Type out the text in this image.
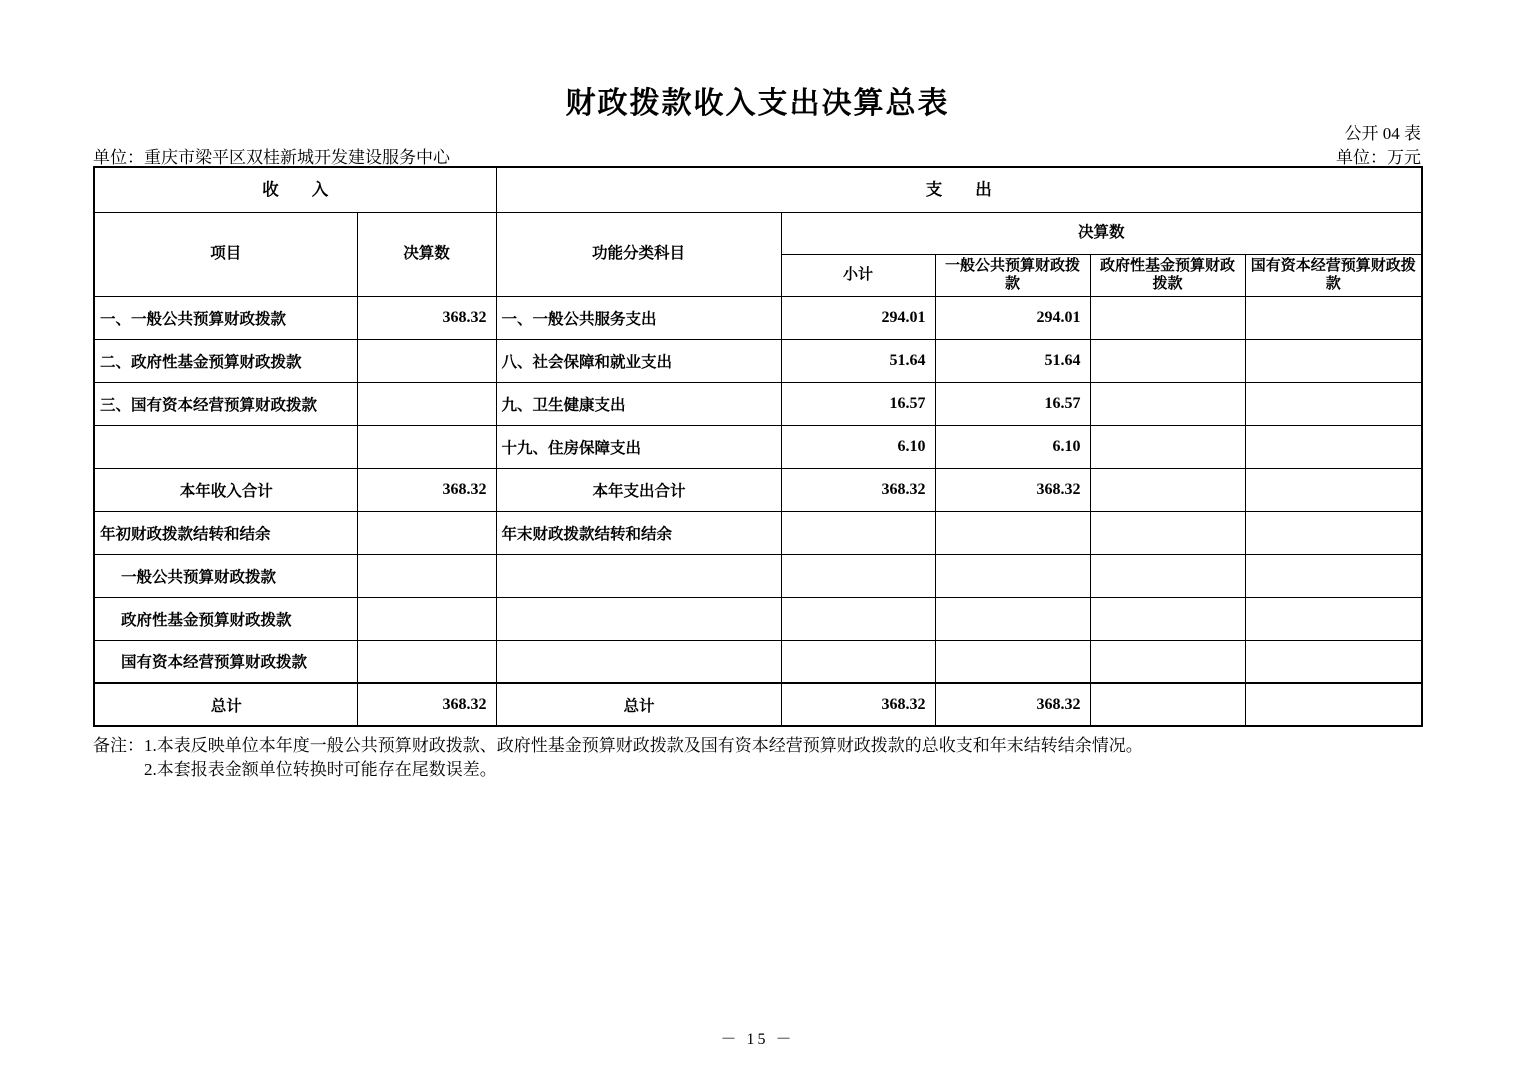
财政拨款收入支出决算总表
公开 04 表
单位：重庆市梁平区双桂新城开发建设服务中心	单位：万元
收　　入		支　　出				
项目	决算数	功能分类科目	决算数			
			小计	一般公共预算财政拨款	政府性基金预算财政拨款	国有资本经营预算财政拨款
一、一般公共预算财政拨款	368.32	一、一般公共服务支出	294.01	294.01		
二、政府性基金预算财政拨款		八、社会保障和就业支出	51.64	51.64		
三、国有资本经营预算财政拨款		九、卫生健康支出	16.57	16.57		
		十九、住房保障支出	6.10	6.10		
本年收入合计	368.32	本年支出合计	368.32	368.32		
年初财政拨款结转和结余		年末财政拨款结转和结余				
一般公共预算财政拨款						
政府性基金预算财政拨款						
国有资本经营预算财政拨款						
总计	368.32	总计	368.32	368.32		
备注： 1.本表反映单位本年度一般公共预算财政拨款、政府性基金预算财政拨款及国有资本经营预算财政拨款的总收支和年末结转结余情况。
2.本套报表金额单位转换时可能存在尾数误差。
－ 15 －
